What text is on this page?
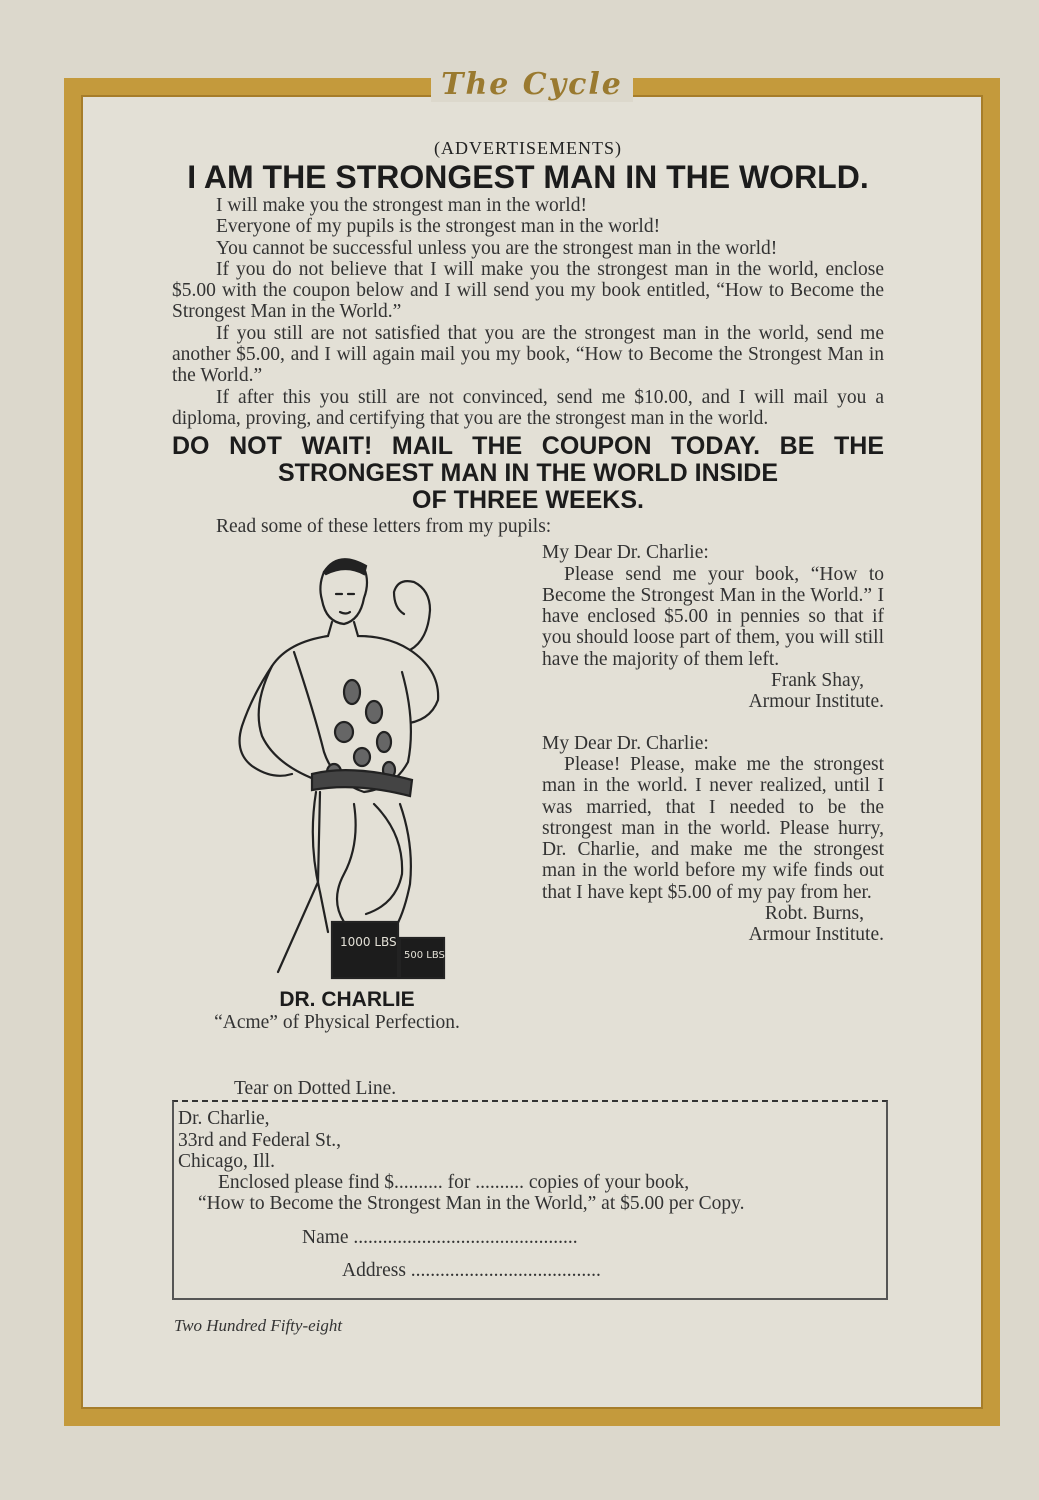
The Cycle

(ADVERTISEMENTS)

I AM THE STRONGEST MAN IN THE WORLD.

I will make you the strongest man in the world!

Everyone of my pupils is the strongest man in the world!

You cannot be successful unless you are the strongest man in the world!

If you do not believe that I will make you the strongest man in the world, enclose $5.00 with the coupon below and I will send you my book entitled, “How to Become the Strongest Man in the World.”

If you still are not satisfied that you are the strongest man in the world, send me another $5.00, and I will again mail you my book, “How to Become the Strongest Man in the World.”

If after this you still are not convinced, send me $10.00, and I will mail you a diploma, proving, and certifying that you are the strongest man in the world.

DO NOT WAIT! MAIL THE COUPON TODAY. BE THE
STRONGEST MAN IN THE WORLD INSIDE
OF THREE WEEKS.

Read some of these letters from my pupils:

1000 LBS
500 LBS
DR. CHARLIE
“Acme” of Physical Perfection.

My Dear Dr. Charlie:

Please send me your book, “How to Become the Strongest Man in the World.” I have enclosed $5.00 in pennies so that if you should loose part of them, you will still have the majority of them left.

Frank Shay,

Armour Institute.

My Dear Dr. Charlie:

Please! Please, make me the strongest man in the world. I never realized, until I was married, that I needed to be the strongest man in the world. Please hurry, Dr. Charlie, and make me the strongest man in the world before my wife finds out that I have kept $5.00 of my pay from her.

Robt. Burns,

Armour Institute.

Tear on Dotted Line.

Dr. Charlie,

33rd and Federal St.,

Chicago, Ill.

Enclosed please find $.......... for .......... copies of your book,

“How to Become the Strongest Man in the World,” at $5.00 per Copy.

Name ..............................................

Address .......................................

Two Hundred Fifty-eight
